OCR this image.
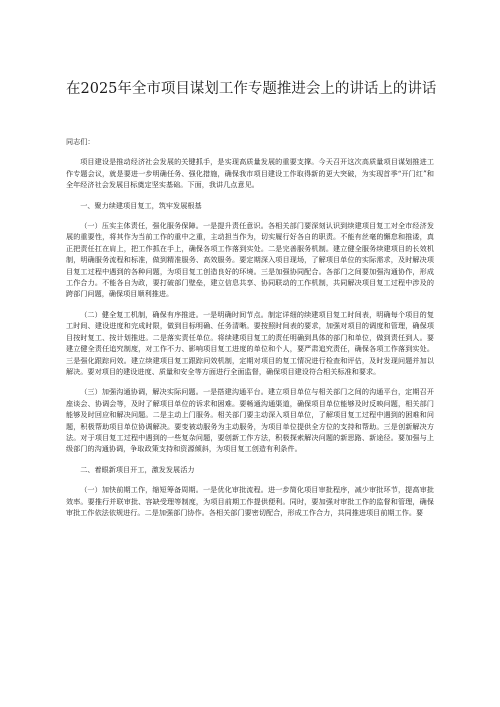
在2025年全市项目谋划工作专题推进会上的讲话上的讲话

同志们：

项目建设是推动经济社会发展的关键抓手，是实现高质量发展的重要支撑。今天召开这次高质量项目谋划推进工作专题会议，就是要进一步明确任务、强化措施，确保我市项目建设工作取得新的更大突破，为实现首季“开门红”和全年经济社会发展目标奠定坚实基础。下面，我讲几点意见。

一、聚力续建项目复工，筑牢发展根基

（一）压实主体责任，强化服务保障。一是提升责任意识。各相关部门要深刻认识到续建项目复工对全市经济发展的重要性，将其作为当前工作的重中之重，主动担当作为，切实履行好各自的职责。不能有丝毫的懈怠和推诿，真正把责任扛在肩上，把工作抓在手上，确保各项工作落到实处。二是完善服务机制。建立健全服务续建项目的长效机制，明确服务流程和标准，做到精准服务、高效服务。要定期深入项目现场，了解项目单位的实际需求，及时解决项目复工过程中遇到的各种问题，为项目复工创造良好的环境。三是加强协同配合。各部门之间要加强沟通协作，形成工作合力。不能各自为政，要打破部门壁垒，建立信息共享、协同联动的工作机制，共同解决项目复工过程中涉及的跨部门问题，确保项目顺利推进。

（二）健全复工机制，确保有序推进。一是明确时间节点。制定详细的续建项目复工时间表，明确每个项目的复工时间、建设进度和完成时限，做到目标明确、任务清晰。要按照时间表的要求，加强对项目的调度和管理，确保项目按时复工、按计划推进。二是落实责任单位。将续建项目复工的责任明确到具体的部门和单位，做到责任到人。要建立健全责任追究制度，对工作不力、影响项目复工进度的单位和个人，要严肃追究责任，确保各项工作落到实处。三是强化跟踪问效。建立续建项目复工跟踪问效机制，定期对项目的复工情况进行检查和评估，及时发现问题并加以解决。要对项目的建设进度、质量和安全等方面进行全面监督，确保项目建设符合相关标准和要求。

（三）加强沟通协调，解决实际问题。一是搭建沟通平台。建立项目单位与相关部门之间的沟通平台，定期召开座谈会、协调会等，及时了解项目单位的诉求和困难。要畅通沟通渠道，确保项目单位能够及时反映问题，相关部门能够及时回应和解决问题。二是主动上门服务。相关部门要主动深入项目单位，了解项目复工过程中遇到的困难和问题，积极帮助项目单位协调解决。要变被动服务为主动服务，为项目单位提供全方位的支持和帮助。三是创新解决方法。对于项目复工过程中遇到的一些复杂问题，要创新工作方法，积极探索解决问题的新思路、新途径。要加强与上级部门的沟通协调，争取政策支持和资源倾斜，为项目复工创造有利条件。

二、着眼新项目开工，激发发展活力

（一）加快前期工作，缩短筹备周期。一是优化审批流程。进一步简化项目审批程序，减少审批环节，提高审批效率。要推行并联审批、容缺受理等制度，为项目前期工作提供便利。同时，要加强对审批工作的监督和管理，确保审批工作依法依规进行。二是加强部门协作。各相关部门要密切配合，形成工作合力，共同推进项目前期工作。要
